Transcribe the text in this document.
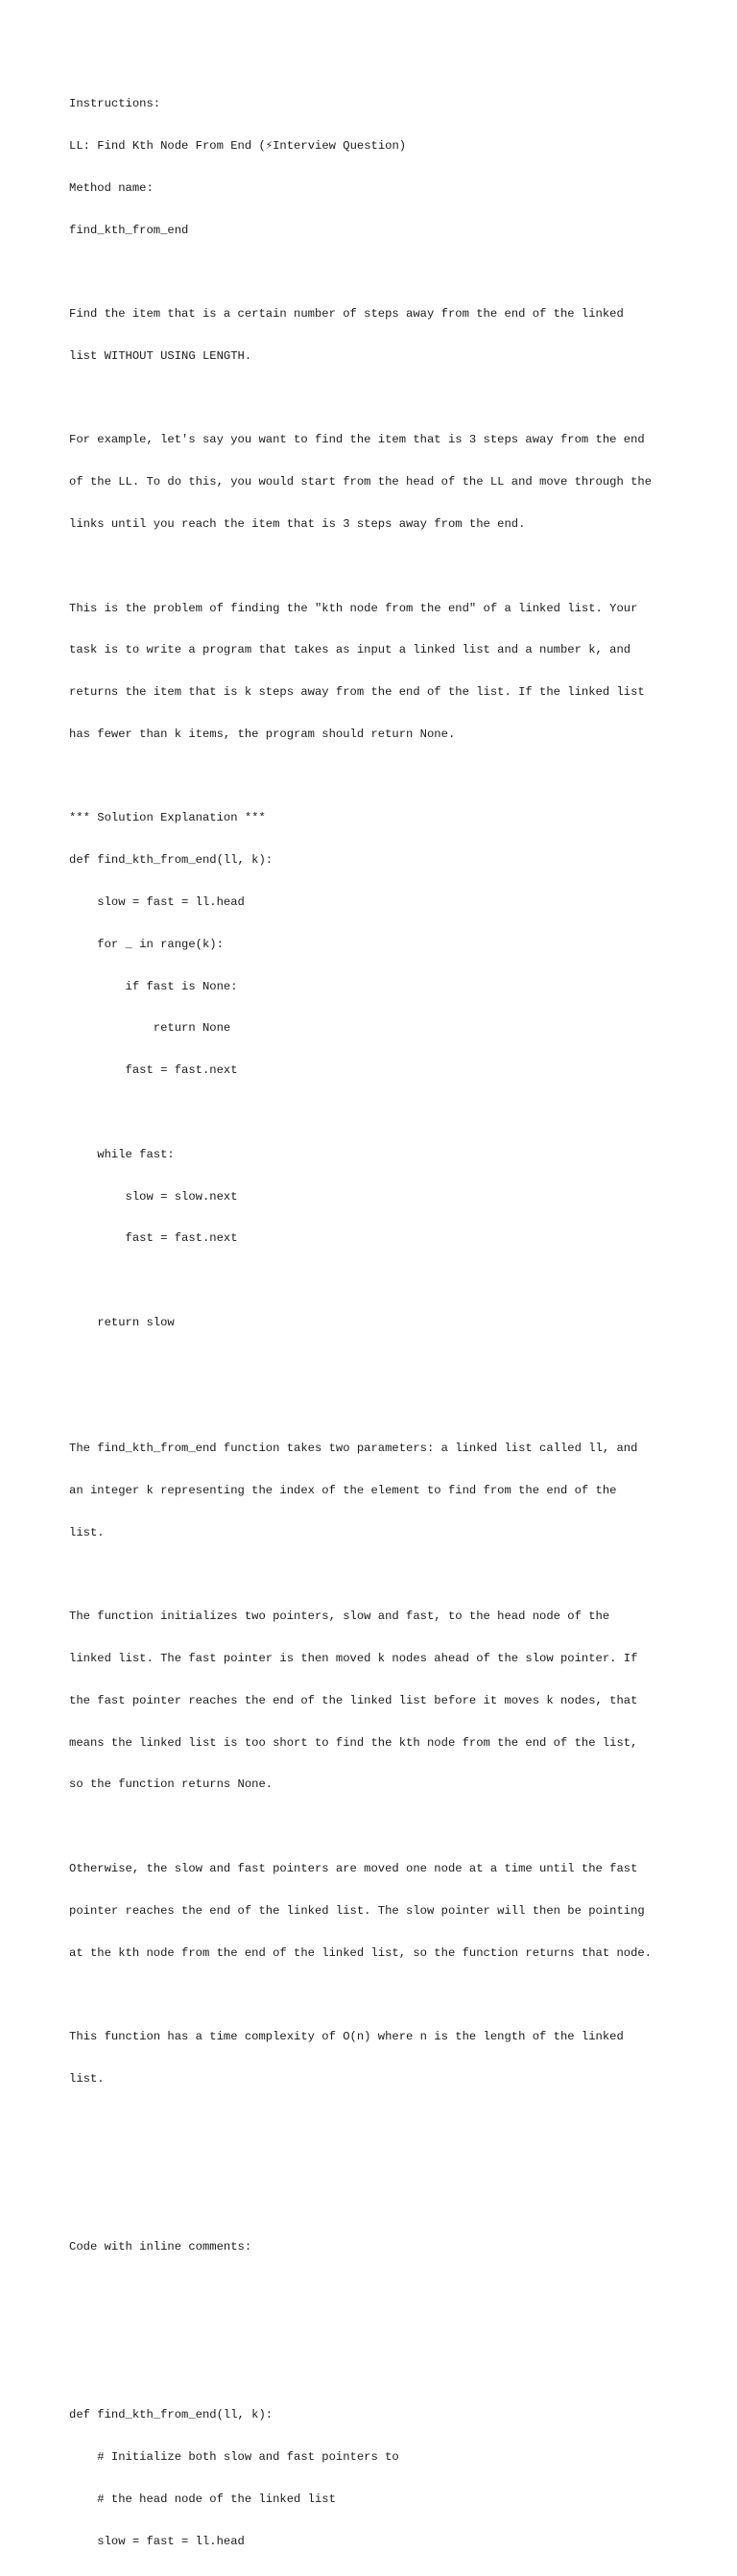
Instructions:

LL: Find Kth Node From End (⚡Interview Question)

Method name:

find_kth_from_end

Find the item that is a certain number of steps away from the end of the linked

list WITHOUT USING LENGTH.

For example, let's say you want to find the item that is 3 steps away from the end

of the LL. To do this, you would start from the head of the LL and move through the

links until you reach the item that is 3 steps away from the end.

This is the problem of finding the "kth node from the end" of a linked list. Your

task is to write a program that takes as input a linked list and a number k, and

returns the item that is k steps away from the end of the list. If the linked list

has fewer than k items, the program should return None.

*** Solution Explanation ***

def find_kth_from_end(ll, k):

slow = fast = ll.head

for _ in range(k):

if fast is None:

return None

fast = fast.next

while fast:

slow = slow.next

fast = fast.next

return slow

The find_kth_from_end function takes two parameters: a linked list called ll, and

an integer k representing the index of the element to find from the end of the

list.

The function initializes two pointers, slow and fast, to the head node of the

linked list. The fast pointer is then moved k nodes ahead of the slow pointer. If

the fast pointer reaches the end of the linked list before it moves k nodes, that

means the linked list is too short to find the kth node from the end of the list,

so the function returns None.

Otherwise, the slow and fast pointers are moved one node at a time until the fast

pointer reaches the end of the linked list. The slow pointer will then be pointing

at the kth node from the end of the linked list, so the function returns that node.

This function has a time complexity of O(n) where n is the length of the linked

list.

Code with inline comments:

def find_kth_from_end(ll, k):

# Initialize both slow and fast pointers to

# the head node of the linked list

slow = fast = ll.head
